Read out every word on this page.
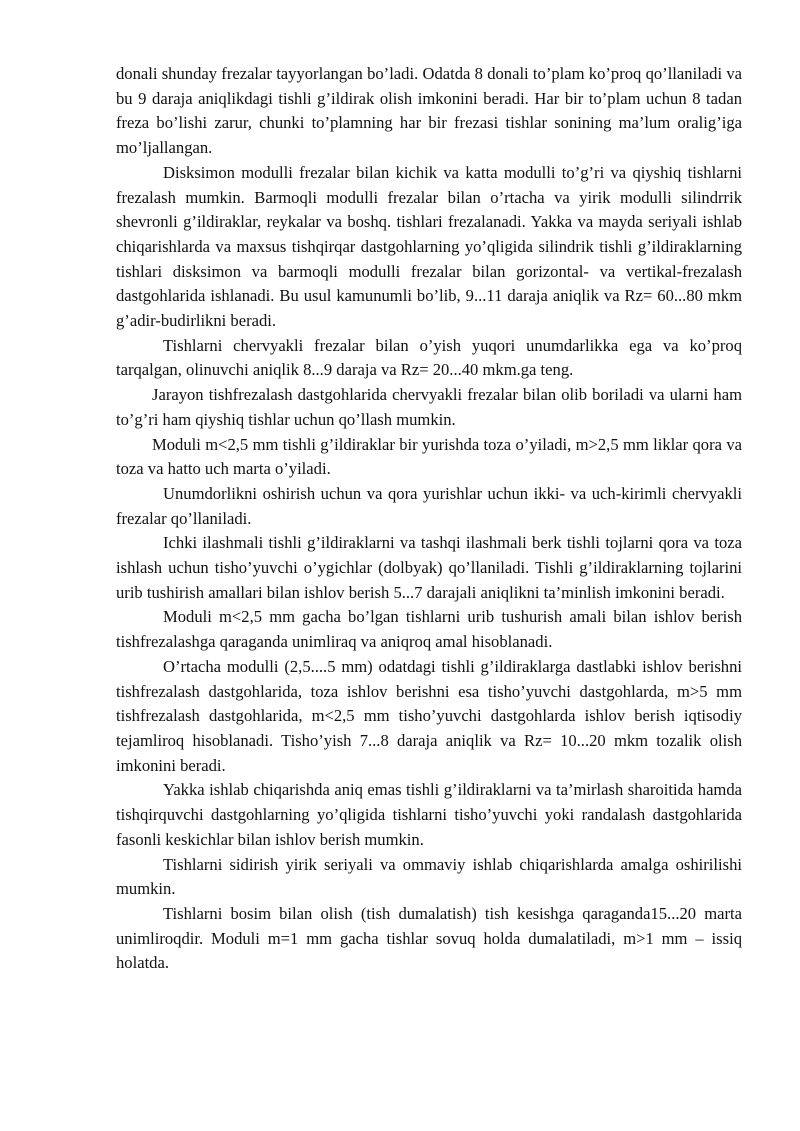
donali shunday frezalar tayyorlangan bo’ladi. Odatda 8 donali to’plam ko’proq qo’llaniladi va bu 9 daraja aniqlikdagi tishli g’ildirak olish imkonini beradi. Har bir to’plam uchun 8 tadan freza bo’lishi zarur, chunki to’plamning har bir frezasi tishlar sonining ma’lum oralig’iga mo’ljallangan.

Disksimon modulli frezalar bilan kichik va katta modulli to’g’ri va qiyshiq tishlarni frezalash mumkin. Barmoqli modulli frezalar bilan o’rtacha va yirik modulli silindrrik shevronli g’ildiraklar, reykalar va boshq. tishlari frezalanadi. Yakka va mayda seriyali ishlab chiqarishlarda va maxsus tishqirqar dastgohlarning yo’qligida silindrik tishli g’ildiraklarning tishlari disksimon va barmoqli modulli frezalar bilan gorizontal- va vertikal-frezalash dastgohlarida ishlanadi. Bu usul kamunumli bo’lib, 9...11 daraja aniqlik va Rz= 60...80 mkm g’adir-budirlikni beradi.

Tishlarni chervyakli frezalar bilan o’yish yuqori unumdarlikka ega va ko’proq tarqalgan, olinuvchi aniqlik 8...9 daraja va Rz= 20...40 mkm.ga teng.

Jarayon tishfrezalash dastgohlarida chervyakli frezalar bilan olib boriladi va ularni ham to’g’ri ham qiyshiq tishlar uchun qo’llash mumkin.

Moduli m<2,5 mm tishli g’ildiraklar bir yurishda toza o’yiladi, m>2,5 mm liklar qora va toza va hatto uch marta o’yiladi.

Unumdorlikni oshirish uchun va qora yurishlar uchun ikki- va uch-kirimli chervyakli frezalar qo’llaniladi.

Ichki ilashmali tishli g’ildiraklarni va tashqi ilashmali berk tishli tojlarni qora va toza ishlash uchun tisho’yuvchi o’ygichlar (dolbyak) qo’llaniladi. Tishli g’ildiraklarning tojlarini urib tushirish amallari bilan ishlov berish 5...7 darajali aniqlikni ta’minlish imkonini beradi.

Moduli m<2,5 mm gacha bo’lgan tishlarni urib tushurish amali bilan ishlov berish tishfrezalashga qaraganda unimliraq va aniqroq amal hisoblanadi.

O’rtacha modulli (2,5....5 mm) odatdagi tishli g’ildiraklarga dastlabki ishlov berishni tishfrezalash dastgohlarida, toza ishlov berishni esa tisho’yuvchi dastgohlarda, m>5 mm tishfrezalash dastgohlarida, m<2,5 mm tisho’yuvchi dastgohlarda ishlov berish iqtisodiy tejamliroq hisoblanadi. Tisho’yish 7...8 daraja aniqlik va Rz= 10...20 mkm tozalik olish imkonini beradi.

Yakka ishlab chiqarishda aniq emas tishli g’ildiraklarni va ta’mirlash sharoitida hamda tishqirquvchi dastgohlarning yo’qligida tishlarni tisho’yuvchi yoki randalash dastgohlarida fasonli keskichlar bilan ishlov berish mumkin.

Tishlarni sidirish yirik seriyali va ommaviy ishlab chiqarishlarda amalga oshirilishi mumkin.

Tishlarni bosim bilan olish (tish dumalatish) tish kesishga qaraganda15...20 marta unimliroqdir. Moduli m=1 mm gacha tishlar sovuq holda dumalatiladi, m>1 mm – issiq holatda.
